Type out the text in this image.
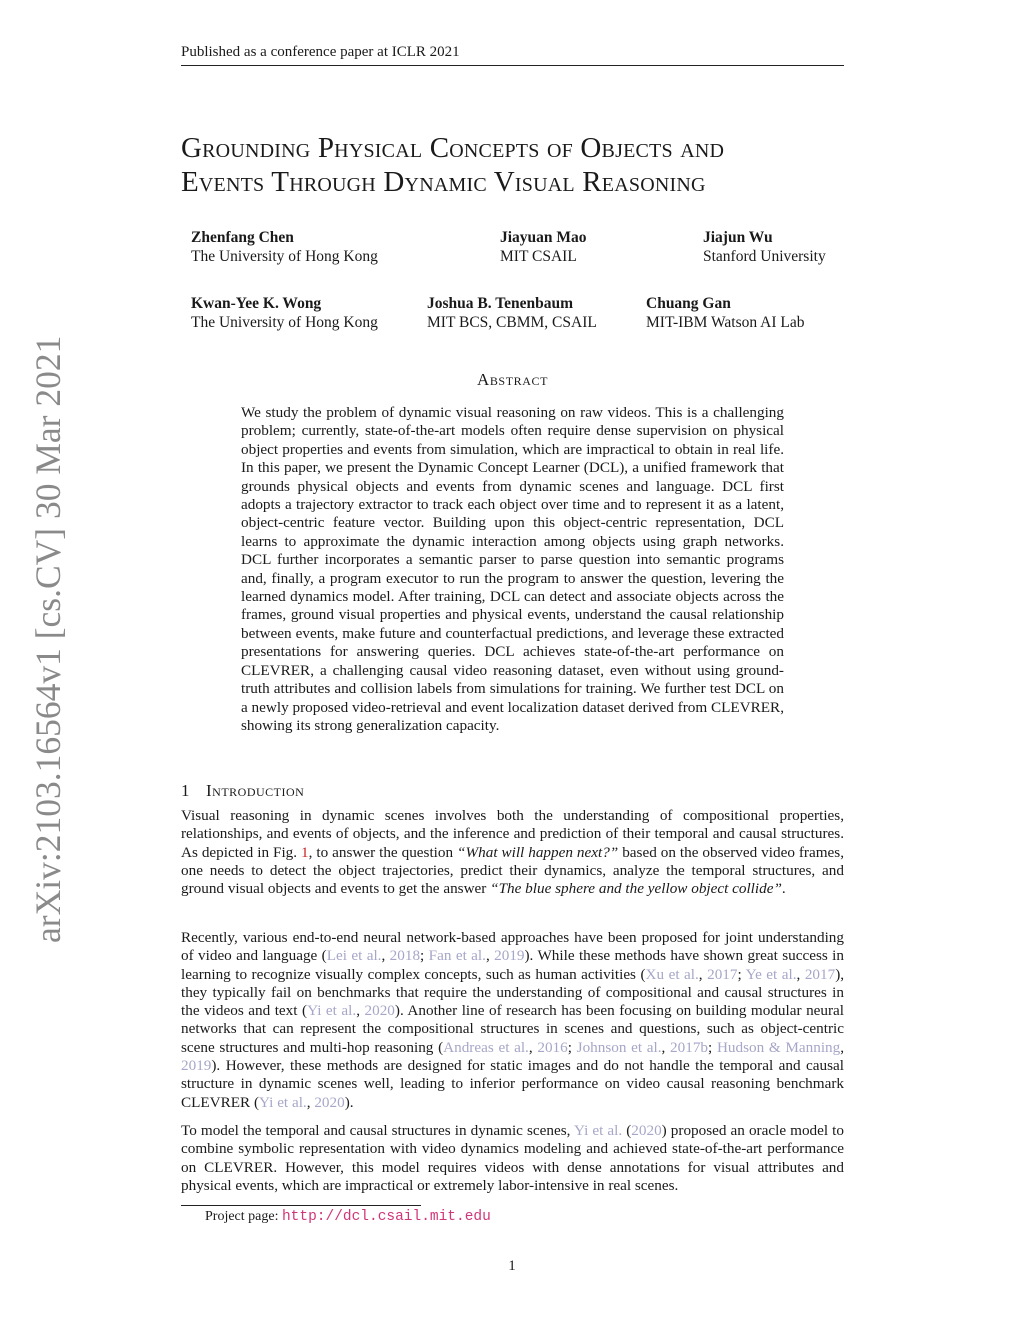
Published as a conference paper at ICLR 2021
arXiv:2103.16564v1 [cs.CV] 30 Mar 2021
Grounding Physical Concepts of Objects and
Events Through Dynamic Visual Reasoning
Zhenfang Chen
The University of Hong Kong
Jiayuan Mao
MIT CSAIL
Jiajun Wu
Stanford University
Kwan-Yee K. Wong
The University of Hong Kong
Joshua B. Tenenbaum
MIT BCS, CBMM, CSAIL
Chuang Gan
MIT-IBM Watson AI Lab
Abstract
We study the problem of dynamic visual reasoning on raw videos. This is a challenging problem; currently, state-of-the-art models often require dense supervision on physical object properties and events from simulation, which are impractical to obtain in real life. In this paper, we present the Dynamic Concept Learner (DCL), a unified framework that grounds physical objects and events from dynamic scenes and language. DCL first adopts a trajectory extractor to track each object over time and to represent it as a latent, object-centric feature vector. Building upon this object-centric representation, DCL learns to approximate the dynamic interaction among objects using graph networks. DCL further incorporates a semantic parser to parse question into semantic programs and, finally, a program executor to run the program to answer the question, levering the learned dynamics model. After training, DCL can detect and associate objects across the frames, ground visual properties and physical events, understand the causal relationship between events, make future and counterfactual predictions, and leverage these extracted presentations for answering queries. DCL achieves state-of-the-art performance on CLEVRER, a challenging causal video reasoning dataset, even without using ground-truth attributes and collision labels from simulations for training. We further test DCL on a newly proposed video-retrieval and event localization dataset derived from CLEVRER, showing its strong generalization capacity.
1 Introduction

Visual reasoning in dynamic scenes involves both the understanding of compositional properties, relationships, and events of objects, and the inference and prediction of their temporal and causal structures. As depicted in Fig. 1, to answer the question “What will happen next?” based on the observed video frames, one needs to detect the object trajectories, predict their dynamics, analyze the temporal structures, and ground visual objects and events to get the answer “The blue sphere and the yellow object collide”.

Recently, various end-to-end neural network-based approaches have been proposed for joint understanding of video and language (Lei et al., 2018; Fan et al., 2019). While these methods have shown great success in learning to recognize visually complex concepts, such as human activities (Xu et al., 2017; Ye et al., 2017), they typically fail on benchmarks that require the understanding of compositional and causal structures in the videos and text (Yi et al., 2020). Another line of research has been focusing on building modular neural networks that can represent the compositional structures in scenes and questions, such as object-centric scene structures and multi-hop reasoning (Andreas et al., 2016; Johnson et al., 2017b; Hudson & Manning, 2019). However, these methods are designed for static images and do not handle the temporal and causal structure in dynamic scenes well, leading to inferior performance on video causal reasoning benchmark CLEVRER (Yi et al., 2020).

To model the temporal and causal structures in dynamic scenes, Yi et al. (2020) proposed an oracle model to combine symbolic representation with video dynamics modeling and achieved state-of-the-art performance on CLEVRER. However, this model requires videos with dense annotations for visual attributes and physical events, which are impractical or extremely labor-intensive in real scenes.

Project page: http://dcl.csail.mit.edu
1
